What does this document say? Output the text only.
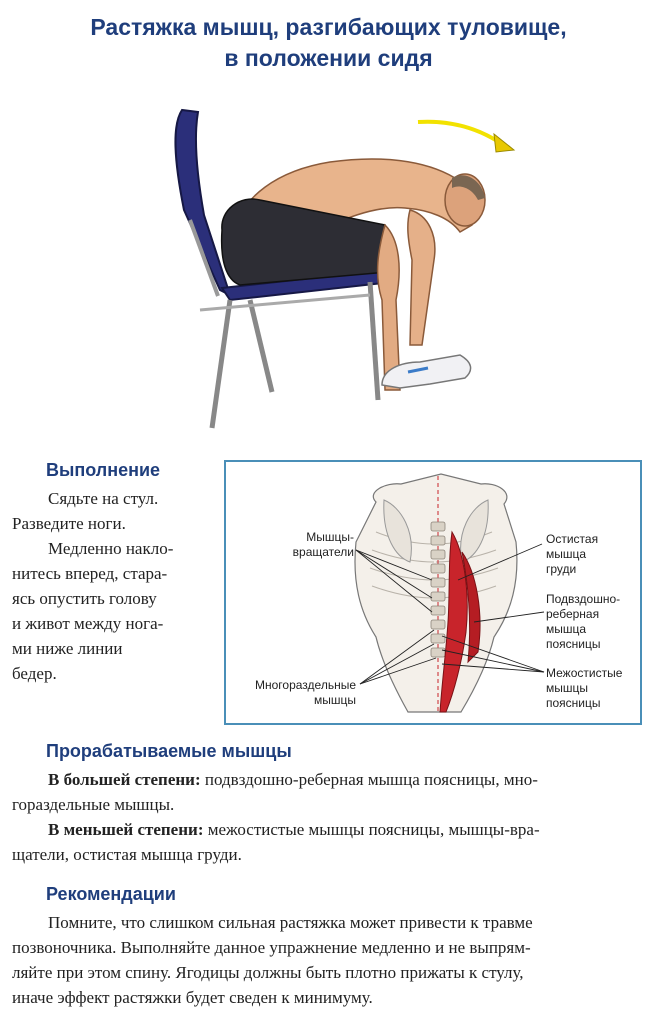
Растяжка мышц, разгибающих туловище,
в положении сидя
Выполнение

Сядьте на стул.

Разведите ноги.

Медленно накло-

нитесь вперед, стара-

ясь опустить голову

и живот между нога-

ми ниже линии

бедер.

Мышцы-
вращатели
Многораздельные
мышцы
Остистая
мышца
груди
Подвздошно-
реберная
мышца
поясницы
Межостистые
мышцы
поясницы
Прорабатываемые мышцы

В большей степени: подвздошно-реберная мышца поясницы, мно-

гораздельные мышцы.

В меньшей степени: межостистые мышцы поясницы, мышцы-вра-

щатели, остистая мышца груди.

Рекомендации

Помните, что слишком сильная растяжка может привести к травме

позвоночника. Выполняйте данное упражнение медленно и не выпрям-

ляйте при этом спину. Ягодицы должны быть плотно прижаты к стулу,

иначе эффект растяжки будет сведен к минимуму.
